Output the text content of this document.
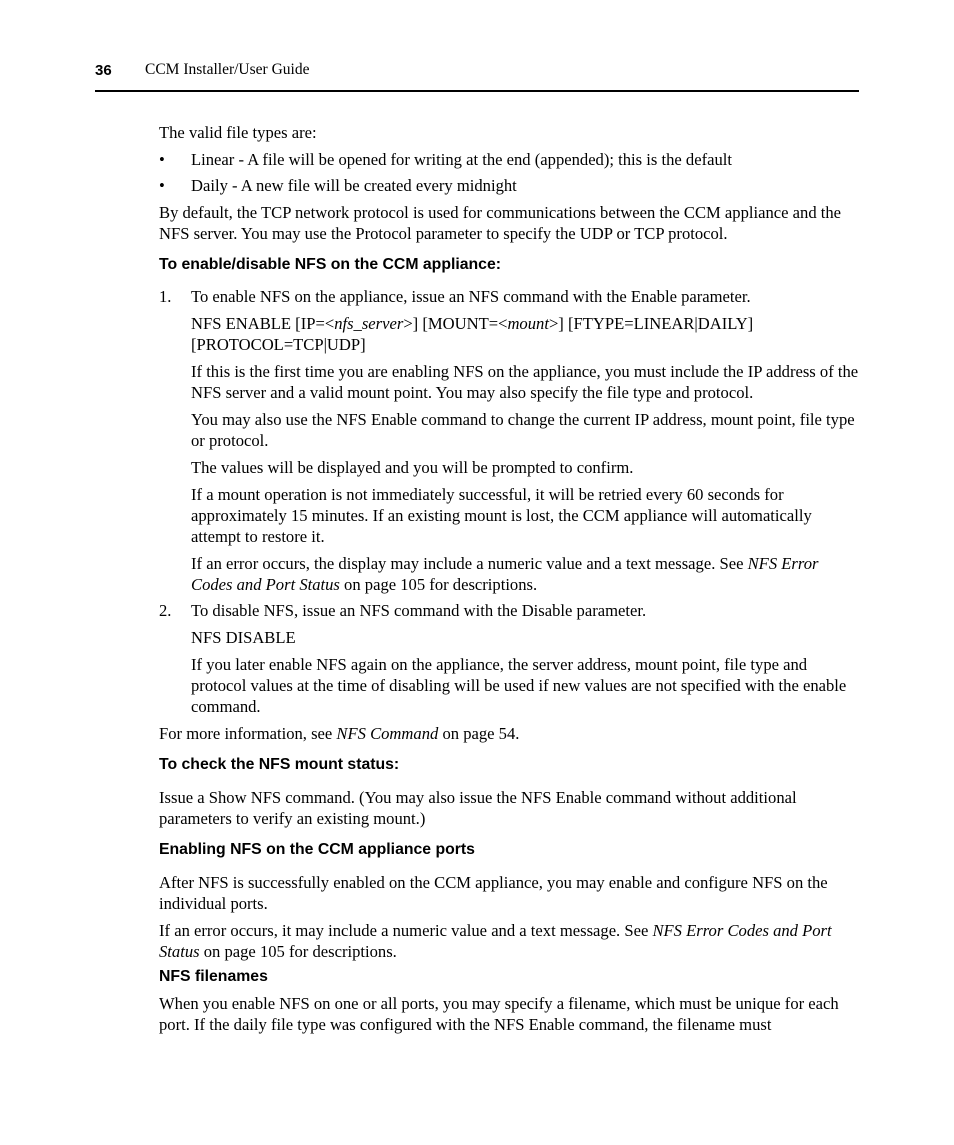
36 CCM Installer/User Guide

The valid file types are:

• Linear - A file will be opened for writing at the end (appended); this is the default
• Daily - A new file will be created every midnight

By default, the TCP network protocol is used for communications between the CCM appliance and the NFS server. You may use the Protocol parameter to specify the UDP or TCP protocol.

To enable/disable NFS on the CCM appliance:
1. To enable NFS on the appliance, issue an NFS command with the Enable parameter.

NFS ENABLE [IP=<nfs_server>] [MOUNT=<mount>] [FTYPE=LINEAR|DAILY] [PROTOCOL=TCP|UDP]

If this is the first time you are enabling NFS on the appliance, you must include the IP address of the NFS server and a valid mount point. You may also specify the file type and protocol.

You may also use the NFS Enable command to change the current IP address, mount point, file type or protocol.

The values will be displayed and you will be prompted to confirm.

If a mount operation is not immediately successful, it will be retried every 60 seconds for approximately 15 minutes. If an existing mount is lost, the CCM appliance will automatically attempt to restore it.

If an error occurs, the display may include a numeric value and a text message. See NFS Error Codes and Port Status on page 105 for descriptions.

2. To disable NFS, issue an NFS command with the Disable parameter.

NFS DISABLE

If you later enable NFS again on the appliance, the server address, mount point, file type and protocol values at the time of disabling will be used if new values are not specified with the enable command.

For more information, see NFS Command on page 54.

To check the NFS mount status:

Issue a Show NFS command. (You may also issue the NFS Enable command without additional parameters to verify an existing mount.)

Enabling NFS on the CCM appliance ports

After NFS is successfully enabled on the CCM appliance, you may enable and configure NFS on the individual ports.

If an error occurs, it may include a numeric value and a text message. See NFS Error Codes and Port Status on page 105 for descriptions.

NFS filenames

When you enable NFS on one or all ports, you may specify a filename, which must be unique for each port. If the daily file type was configured with the NFS Enable command, the filename must
